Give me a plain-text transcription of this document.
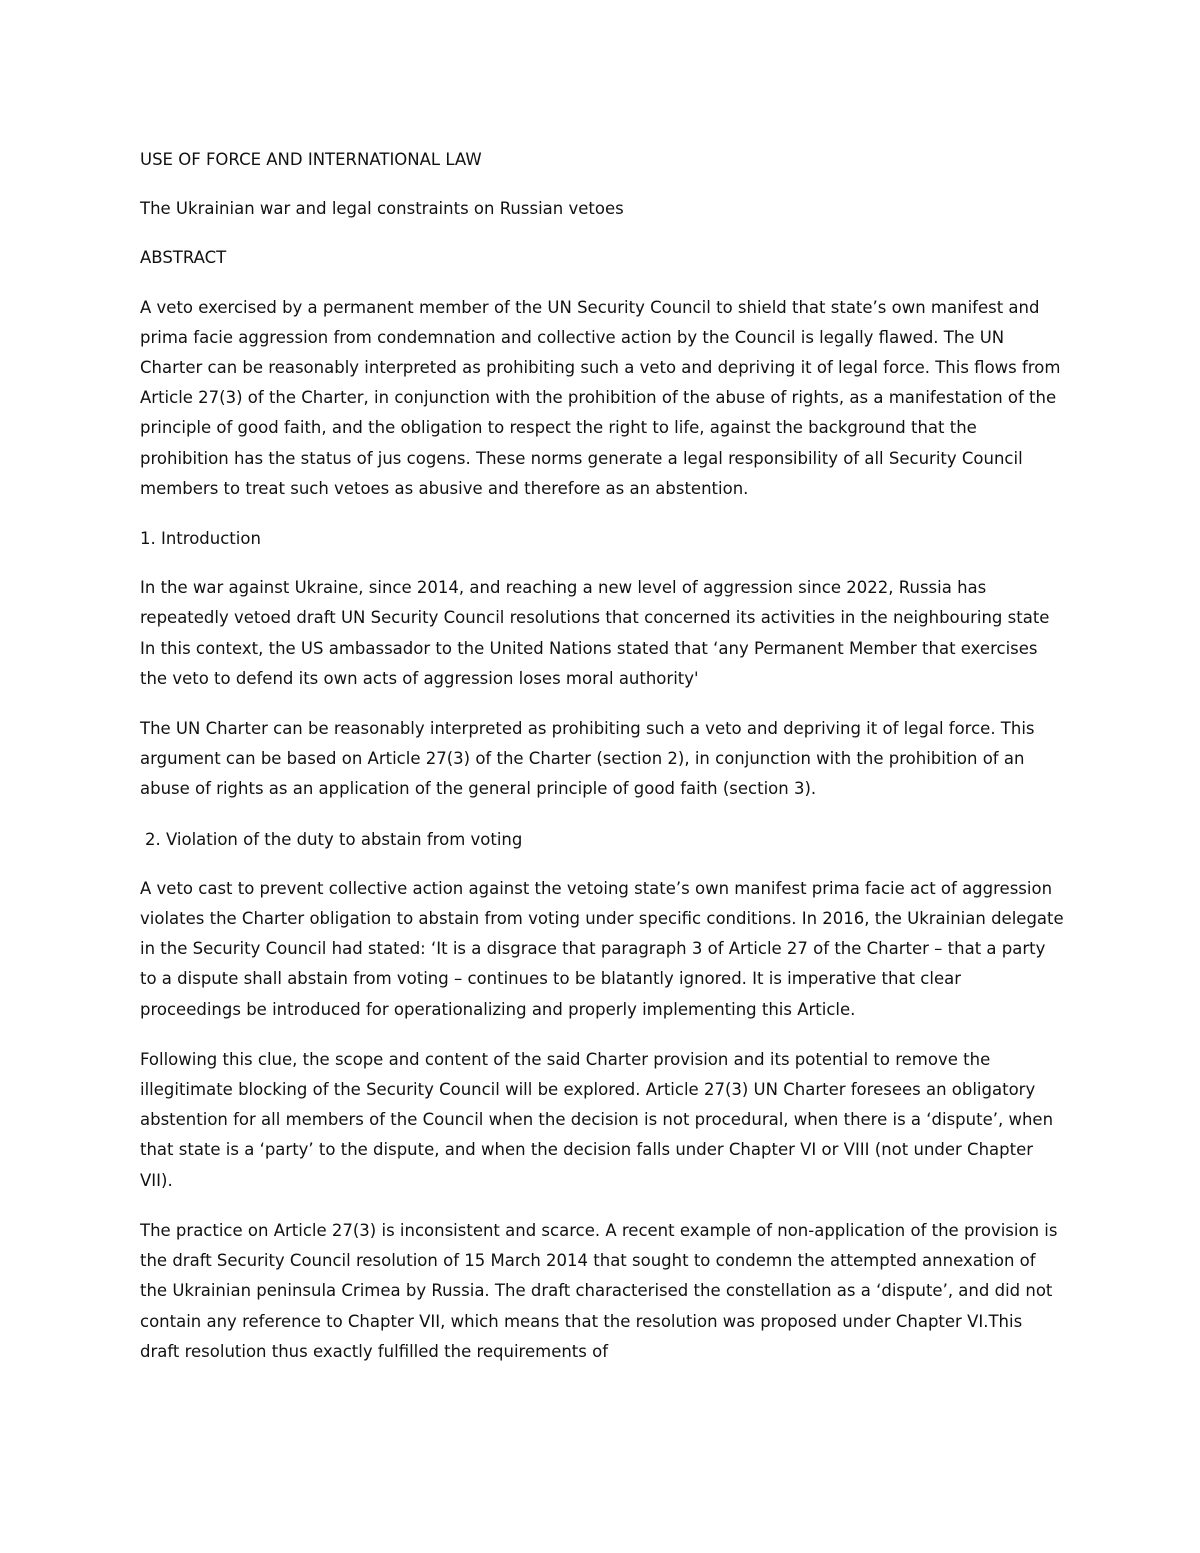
USE OF FORCE AND INTERNATIONAL LAW

The Ukrainian war and legal constraints on Russian vetoes

ABSTRACT

A veto exercised by a permanent member of the UN Security Council to shield that state’s own manifest and prima facie aggression from condemnation and collective action by the Council is legally flawed. The UN Charter can be reasonably interpreted as prohibiting such a veto and depriving it of legal force. This flows from Article 27(3) of the Charter, in conjunction with the prohibition of the abuse of rights, as a manifestation of the principle of good faith, and the obligation to respect the right to life, against the background that the prohibition has the status of jus cogens. These norms generate a legal responsibility of all Security Council members to treat such vetoes as abusive and therefore as an abstention.

1. Introduction

In the war against Ukraine, since 2014, and reaching a new level of aggression since 2022, Russia has repeatedly vetoed draft UN Security Council resolutions that concerned its activities in the neighbouring state In this context, the US ambassador to the United Nations stated that ‘any Permanent Member that exercises the veto to defend its own acts of aggression loses moral authority'

The UN Charter can be reasonably interpreted as prohibiting such a veto and depriving it of legal force. This argument can be based on Article 27(3) of the Charter (section 2), in conjunction with the prohibition of an abuse of rights as an application of the general principle of good faith (section 3).

2. Violation of the duty to abstain from voting

A veto cast to prevent collective action against the vetoing state’s own manifest prima facie act of aggression violates the Charter obligation to abstain from voting under specific conditions. In 2016, the Ukrainian delegate in the Security Council had stated: ‘It is a disgrace that paragraph 3 of Article 27 of the Charter – that a party to a dispute shall abstain from voting – continues to be blatantly ignored. It is imperative that clear proceedings be introduced for operationalizing and properly implementing this Article.

Following this clue, the scope and content of the said Charter provision and its potential to remove the illegitimate blocking of the Security Council will be explored. Article 27(3) UN Charter foresees an obligatory abstention for all members of the Council when the decision is not procedural, when there is a ‘dispute’, when that state is a ‘party’ to the dispute, and when the decision falls under Chapter VI or VIII (not under Chapter VII).

The practice on Article 27(3) is inconsistent and scarce. A recent example of non-application of the provision is the draft Security Council resolution of 15 March 2014 that sought to condemn the attempted annexation of the Ukrainian peninsula Crimea by Russia. The draft characterised the constellation as a ‘dispute’, and did not contain any reference to Chapter VII, which means that the resolution was proposed under Chapter VI.This draft resolution thus exactly fulfilled the requirements of
